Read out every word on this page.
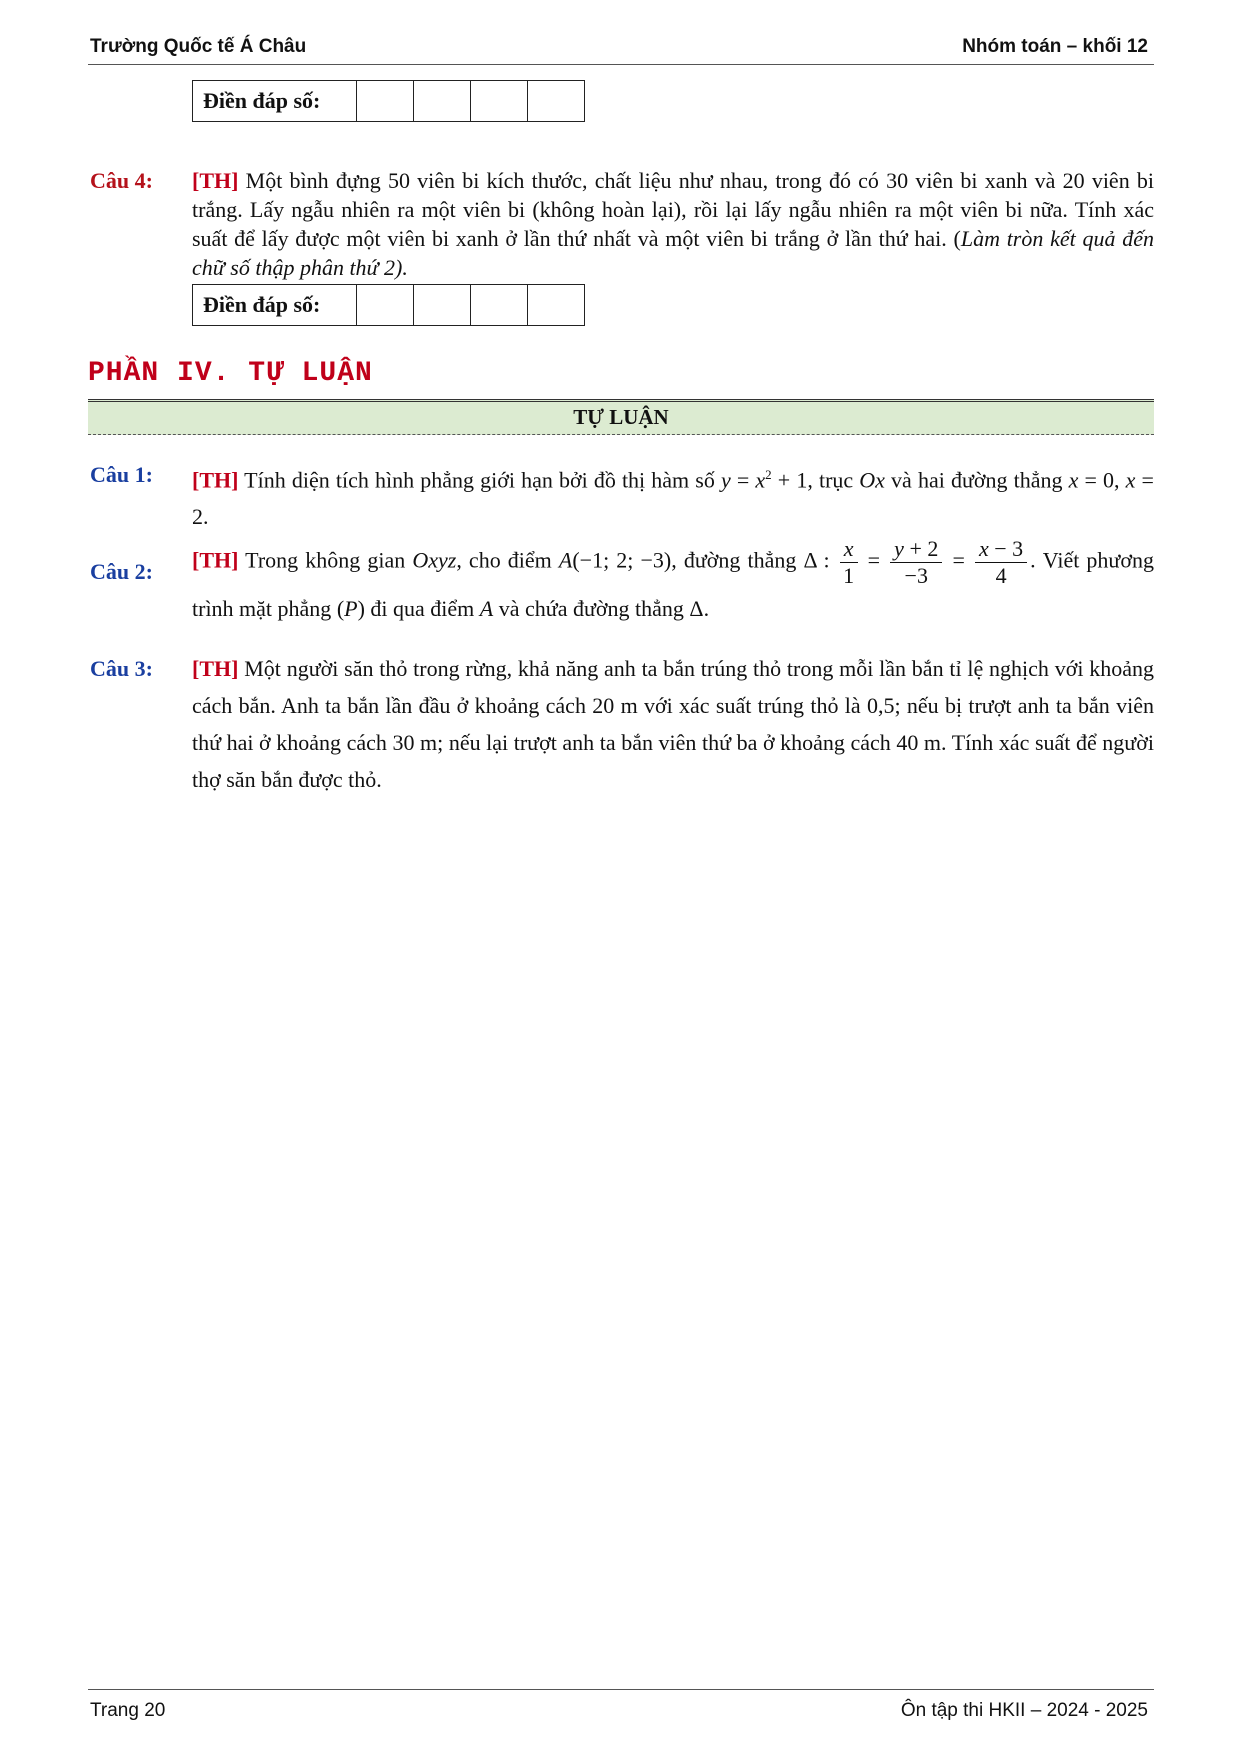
Trường Quốc tế Á Châu	Nhóm toán – khối 12
Điền đáp số:				
Câu 4: [TH] Một bình đựng 50 viên bi kích thước, chất liệu như nhau, trong đó có 30 viên bi xanh và 20 viên bi trắng. Lấy ngẫu nhiên ra một viên bi (không hoàn lại), rồi lại lấy ngẫu nhiên ra một viên bi nữa. Tính xác suất để lấy được một viên bi xanh ở lần thứ nhất và một viên bi trắng ở lần thứ hai. (Làm tròn kết quả đến chữ số thập phân thứ 2).
Điền đáp số:				
PHẦN IV. TỰ LUẬN
TỰ LUẬN
Câu 1: [TH] Tính diện tích hình phẳng giới hạn bởi đồ thị hàm số $y = x^2 + 1$, trục Ox và hai đường thẳng x = 0, x = 2.
Câu 2: [TH] Trong không gian Oxyz, cho điểm A(−1; 2; −3), đường thẳng Δ : $\frac{x}{1} = \frac{y + 2}{-3} = \frac{x - 3}{4}$ . Viết phương trình mặt phẳng (P) đi qua điểm A và chứa đường thẳng Δ.
Câu 3: [TH] Một người săn thỏ trong rừng, khả năng anh ta bắn trúng thỏ trong mỗi lần bắn tỉ lệ nghịch với khoảng cách bắn. Anh ta bắn lần đầu ở khoảng cách 20 m với xác suất trúng thỏ là 0,5; nếu bị trượt anh ta bắn viên thứ hai ở khoảng cách 30 m; nếu lại trượt anh ta bắn viên thứ ba ở khoảng cách 40 m. Tính xác suất để người thợ săn bắn được thỏ.
Trang 20	Ôn tập thi HKII – 2024 - 2025
